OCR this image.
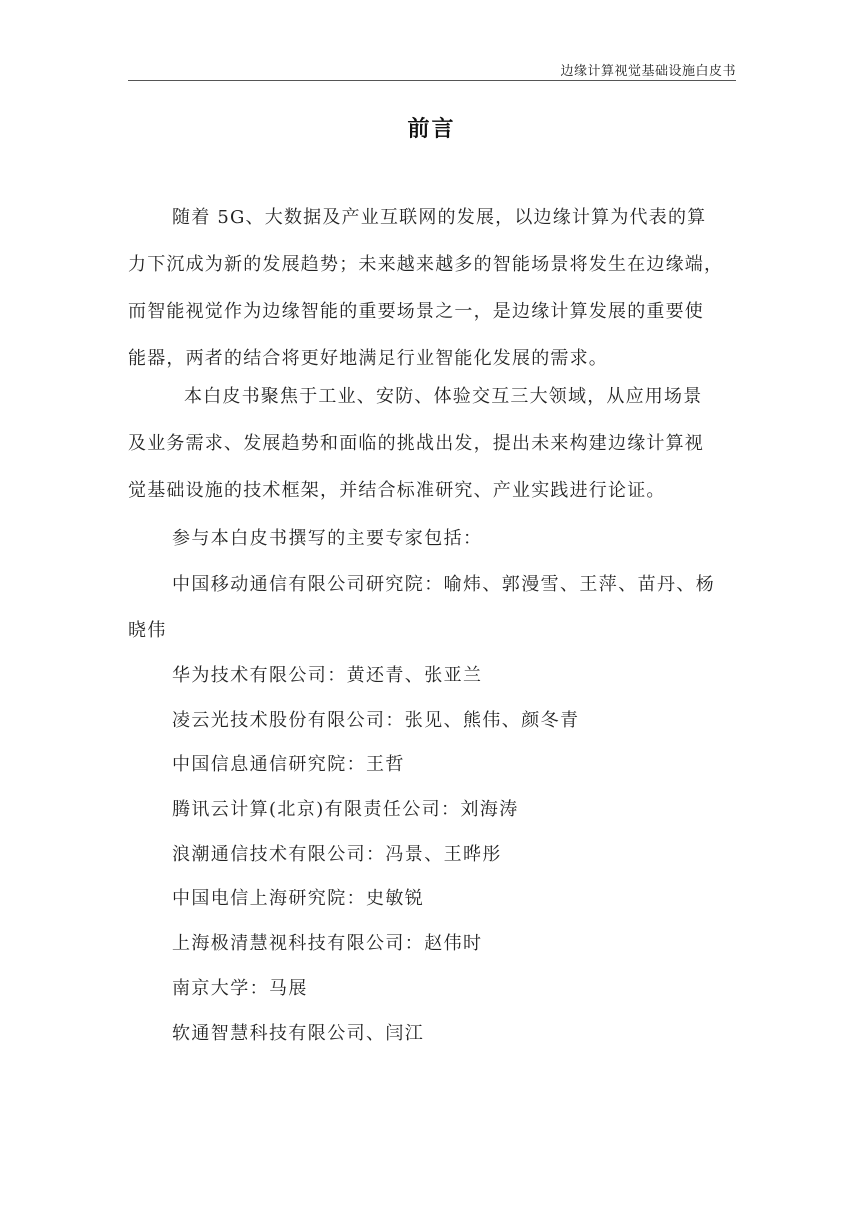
边缘计算视觉基础设施白皮书
前言
随着 5G、大数据及产业互联网的发展，以边缘计算为代表的算
力下沉成为新的发展趋势；未来越来越多的智能场景将发生在边缘端，
而智能视觉作为边缘智能的重要场景之一，是边缘计算发展的重要使
能器，两者的结合将更好地满足行业智能化发展的需求。
本白皮书聚焦于工业、安防、体验交互三大领域，从应用场景
及业务需求、发展趋势和面临的挑战出发，提出未来构建边缘计算视
觉基础设施的技术框架，并结合标准研究、产业实践进行论证。
参与本白皮书撰写的主要专家包括：
中国移动通信有限公司研究院：喻炜、郭漫雪、王萍、苗丹、杨
晓伟
华为技术有限公司：黄还青、张亚兰
凌云光技术股份有限公司：张见、熊伟、颜冬青
中国信息通信研究院：王哲
腾讯云计算(北京)有限责任公司：刘海涛
浪潮通信技术有限公司：冯景、王晔彤
中国电信上海研究院：史敏锐
上海极清慧视科技有限公司：赵伟时
南京大学：马展
软通智慧科技有限公司、闫江
